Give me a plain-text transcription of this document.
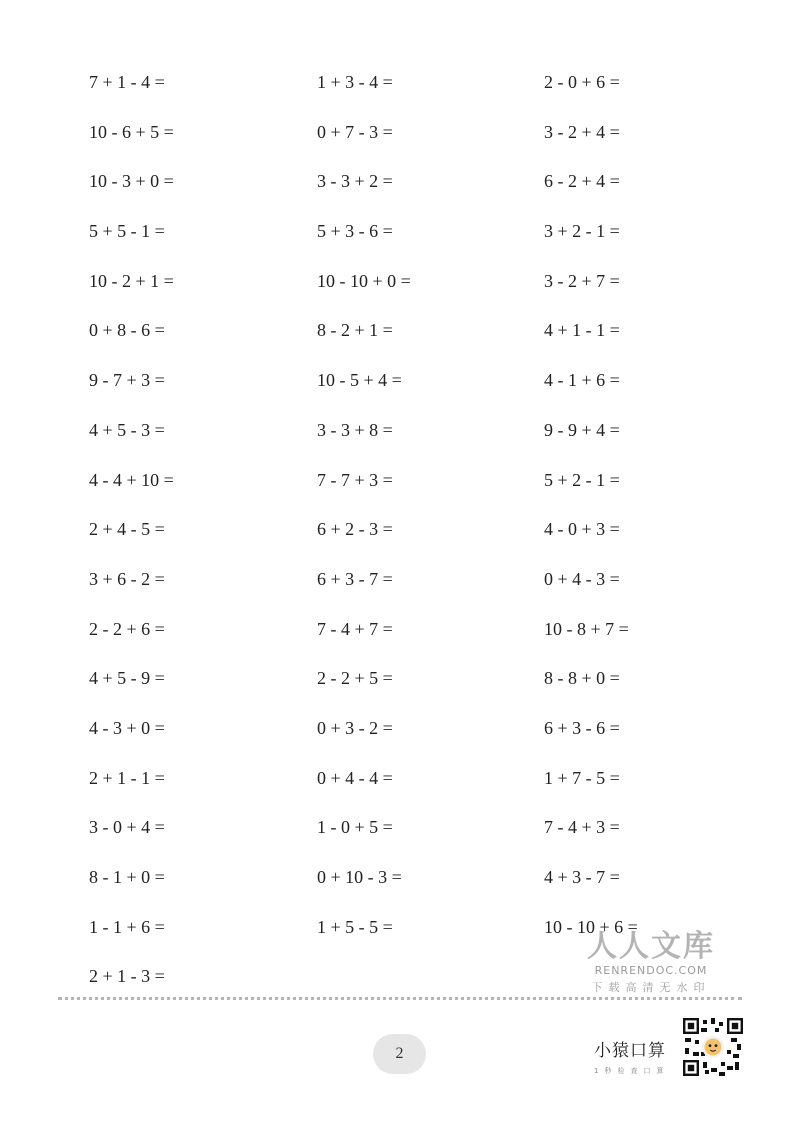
7 + 1 - 4 =
10 - 6 + 5 =
10 - 3 + 0 =
5 + 5 - 1 =
10 - 2 + 1 =
0 + 8 - 6 =
9 - 7 + 3 =
4 + 5 - 3 =
4 - 4 + 10 =
2 + 4 - 5 =
3 + 6 - 2 =
2 - 2 + 6 =
4 + 5 - 9 =
4 - 3 + 0 =
2 + 1 - 1 =
3 - 0 + 4 =
8 - 1 + 0 =
1 - 1 + 6 =
2 + 1 - 3 =
1 + 3 - 4 =
0 + 7 - 3 =
3 - 3 + 2 =
5 + 3 - 6 =
10 - 10 + 0 =
8 - 2 + 1 =
10 - 5 + 4 =
3 - 3 + 8 =
7 - 7 + 3 =
6 + 2 - 3 =
6 + 3 - 7 =
7 - 4 + 7 =
2 - 2 + 5 =
0 + 3 - 2 =
0 + 4 - 4 =
1 - 0 + 5 =
0 + 10 - 3 =
1 + 5 - 5 =
2 - 0 + 6 =
3 - 2 + 4 =
6 - 2 + 4 =
3 + 2 - 1 =
3 - 2 + 7 =
4 + 1 - 1 =
4 - 1 + 6 =
9 - 9 + 4 =
5 + 2 - 1 =
4 - 0 + 3 =
0 + 4 - 3 =
10 - 8 + 7 =
8 - 8 + 0 =
6 + 3 - 6 =
1 + 7 - 5 =
7 - 4 + 3 =
4 + 3 - 7 =
10 - 10 + 6 =
人人文库
RENRENDOC.COM
下载高清无水印
2	小猿口算
1秒检查口算
